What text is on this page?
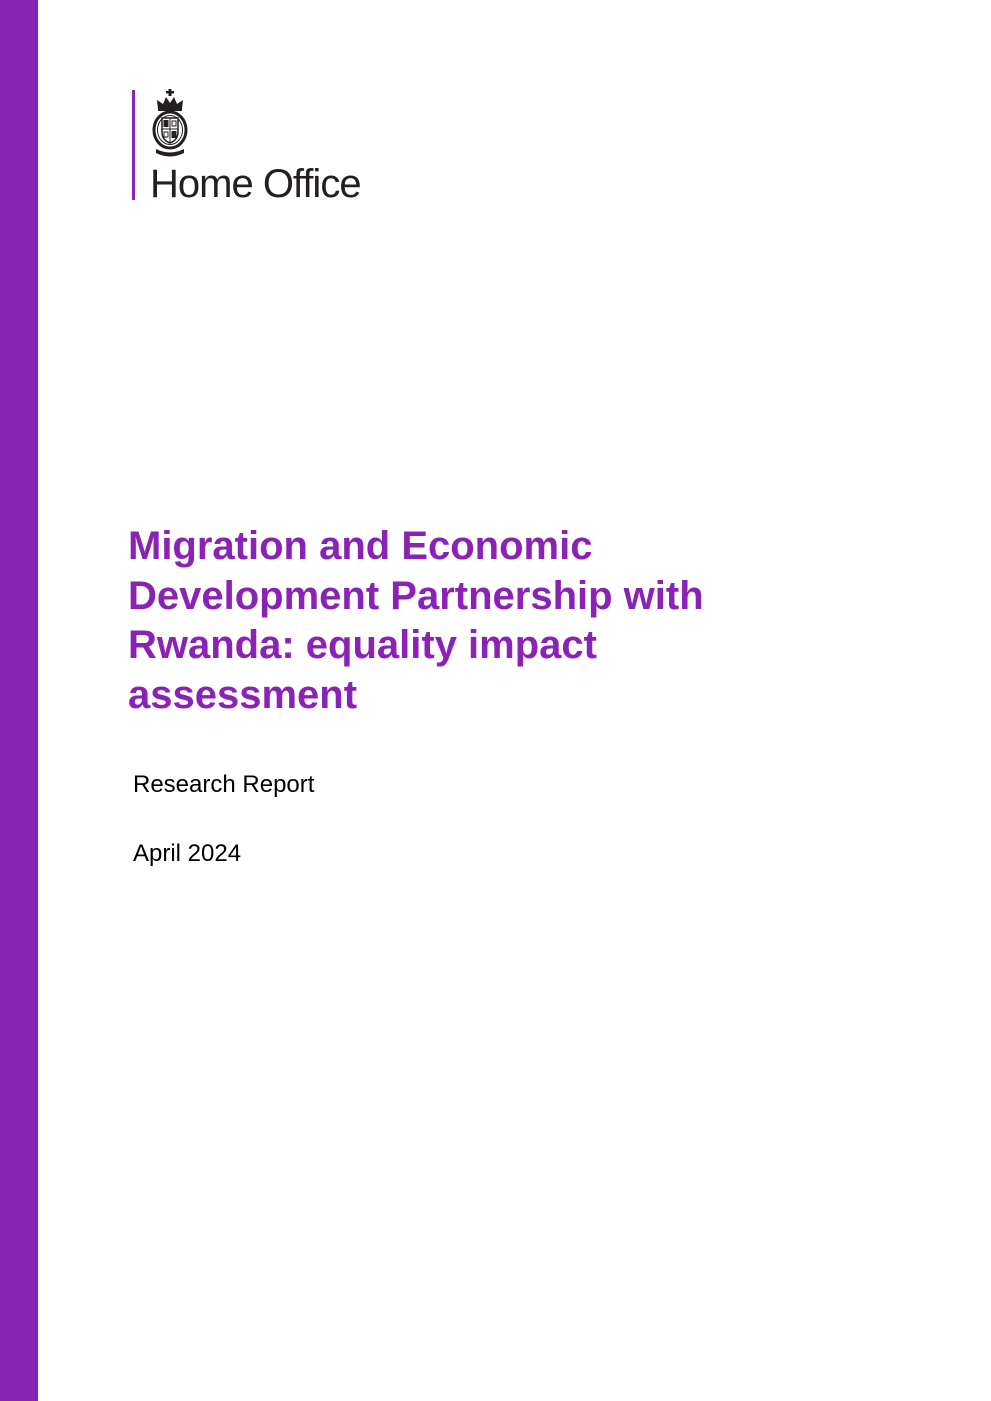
Home Office
Migration and Economic Development Partnership with Rwanda: equality impact assessment
Research Report
April 2024
